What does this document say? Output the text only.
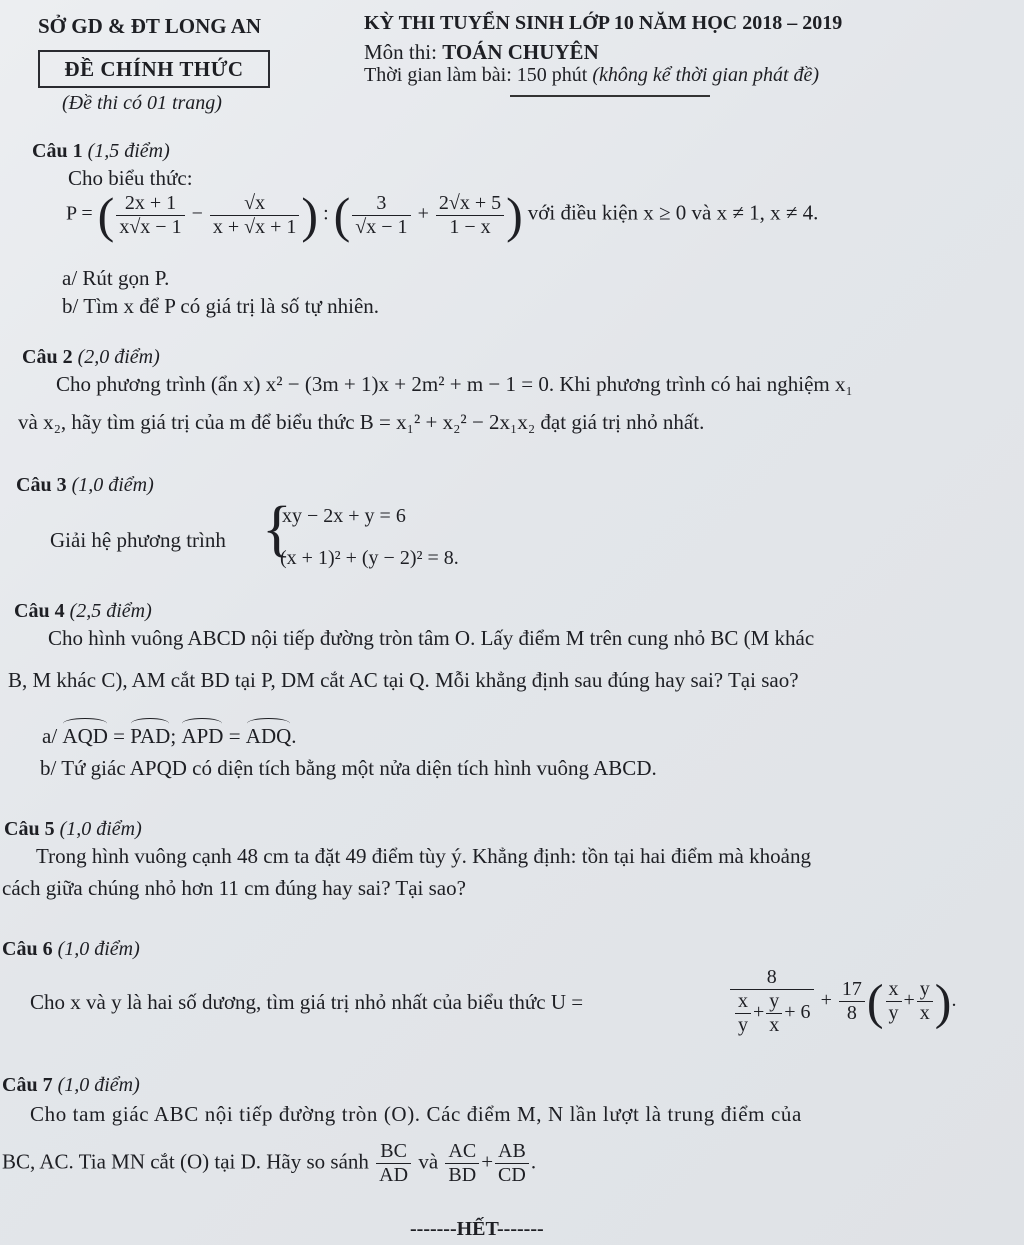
SỞ GD & ĐT LONG AN	KỲ THI TUYỂN SINH LỚP 10 NĂM HỌC 2018 – 2019
ĐỀ CHÍNH THỨC
Môn thi: TOÁN CHUYÊN
Thời gian làm bài: 150 phút (không kể thời gian phát đề)
(Đề thi có 01 trang)
Câu 1 (1,5 điểm)
Cho biểu thức:
P = ( $\frac{2x + 1}{x√x - 1} - \frac{√x}{x + √x + 1}$ ) : ( $\frac{3}{√x - 1} + \frac{2√x + 5}{1 - x}$ ) với điều kiện x ≥ 0 và x ≠ 1, x ≠ 4.
a/ Rút gọn P.
b/ Tìm x để P có giá trị là số tự nhiên.
Câu 2 (2,0 điểm)
Cho phương trình (ẩn x) x² − (3m + 1)x + 2m² + m − 1 = 0. Khi phương trình có hai nghiệm x₁
và x₂, hãy tìm giá trị của m để biểu thức B = x₁² + x₂² − 2x₁x₂ đạt giá trị nhỏ nhất.
Câu 3 (1,0 điểm)
Giải hệ phương trình {
xy − 2x + y = 6
(x + 1)² + (y − 2)² = 8.
Câu 4 (2,5 điểm)
Cho hình vuông ABCD nội tiếp đường tròn tâm O. Lấy điểm M trên cung nhỏ BC (M khác
B, M khác C), AM cắt BD tại P, DM cắt AC tại Q. Mỗi khẳng định sau đúng hay sai? Tại sao?
a/ AQD = PAD; APD = ADQ.
b/ Tứ giác APQD có diện tích bằng một nửa diện tích hình vuông ABCD.
Câu 5 (1,0 điểm)
Trong hình vuông cạnh 48 cm ta đặt 49 điểm tùy ý. Khẳng định: tồn tại hai điểm mà khoảng
cách giữa chúng nhỏ hơn 11 cm đúng hay sai? Tại sao?
Câu 6 (1,0 điểm)
Cho x và y là hai số dương, tìm giá trị nhỏ nhất của biểu thức U =	$\frac{8}{\frac{x}{y} + \frac{y}{x} + 6} + \frac{17}{8}$ ( $\frac{x}{y} + \frac{y}{x}$ ).
Câu 7 (1,0 điểm)
Cho tam giác ABC nội tiếp đường tròn (O). Các điểm M, N lần lượt là trung điểm của
BC, AC. Tia MN cắt (O) tại D. Hãy so sánh $\frac{BC}{AD}$ và $\frac{AC}{BD} + \frac{AB}{CD}$ .
-------HẾT-------
